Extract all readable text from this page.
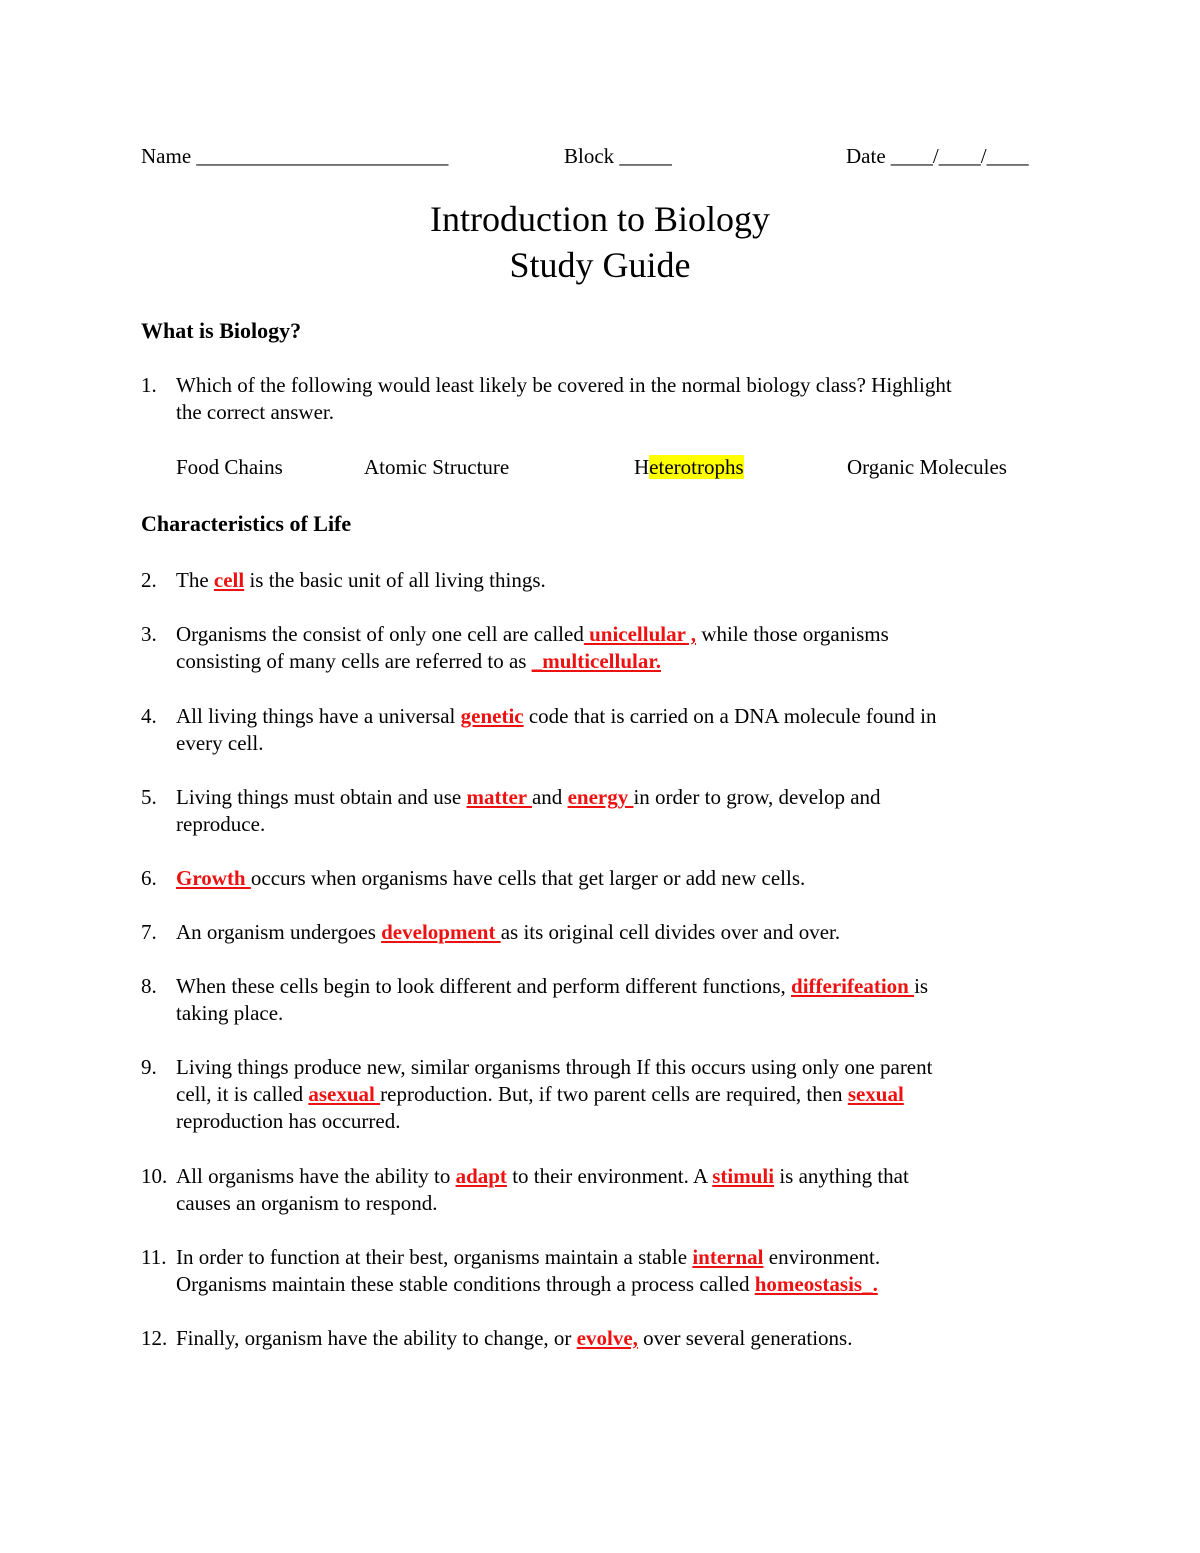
Name ________________________	Block _____	Date ____/____/____
Introduction to Biology
Study Guide
What is Biology?
1. Which of the following would least likely be covered in the normal biology class? Highlight
the correct answer.
Food Chains	Atomic Structure	Heterotrophs	Organic Molecules
Characteristics of Life
2. The cell is the basic unit of all living things.
3. Organisms the consist of only one cell are called unicellular , while those organisms
consisting of many cells are referred to as _multicellular.
4. All living things have a universal genetic code that is carried on a DNA molecule found in
every cell.
5. Living things must obtain and use matter and energy in order to grow, develop and
reproduce.
6. Growth occurs when organisms have cells that get larger or add new cells.
7. An organism undergoes development as its original cell divides over and over.
8. When these cells begin to look different and perform different functions, differifeation is
taking place.
9. Living things produce new, similar organisms through If this occurs using only one parent
cell, it is called asexual reproduction. But, if two parent cells are required, then sexual
reproduction has occurred.
10. All organisms have the ability to adapt to their environment. A stimuli is anything that
causes an organism to respond.
11. In order to function at their best, organisms maintain a stable internal environment.
Organisms maintain these stable conditions through a process called homeostasis_.
12. Finally, organism have the ability to change, or evolve, over several generations.
